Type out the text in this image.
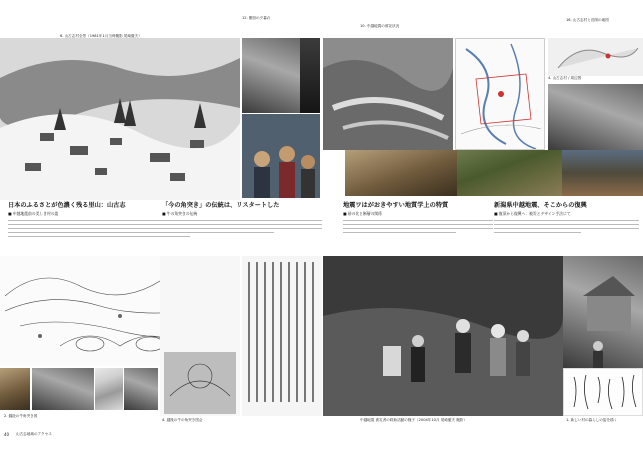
6. 山古志村全景（1981年1月当時撮影 尾崎徹夫）
12. 棚田の夕暮れ
10. 中越地震の被災状況
4. 山古志村 / 周辺図
16. 山古志村と長岡の地図
日本のふるさとが色濃く残る里山：山古志
■ 中越地震前の美しき村の姿
「今の角突き」の伝統は、リスタートした
■ 牛の角突きの伝統
地震ワはがおきやすい地質学上の特質
■ 砂の比と断層の関係
新潟県中越地震、そこからの復興
■ 復旧から復興へ：被災とデザイン手法にて
2. 錦絵の牛角突き図
4. 越後の牛の角突き図会	中越地震 被災者の救助活動の様子（2004年10月 尾崎徹夫 撮影）	1. 新しい村の暮らしの姿を描く
40 山古志地域のアクセス
